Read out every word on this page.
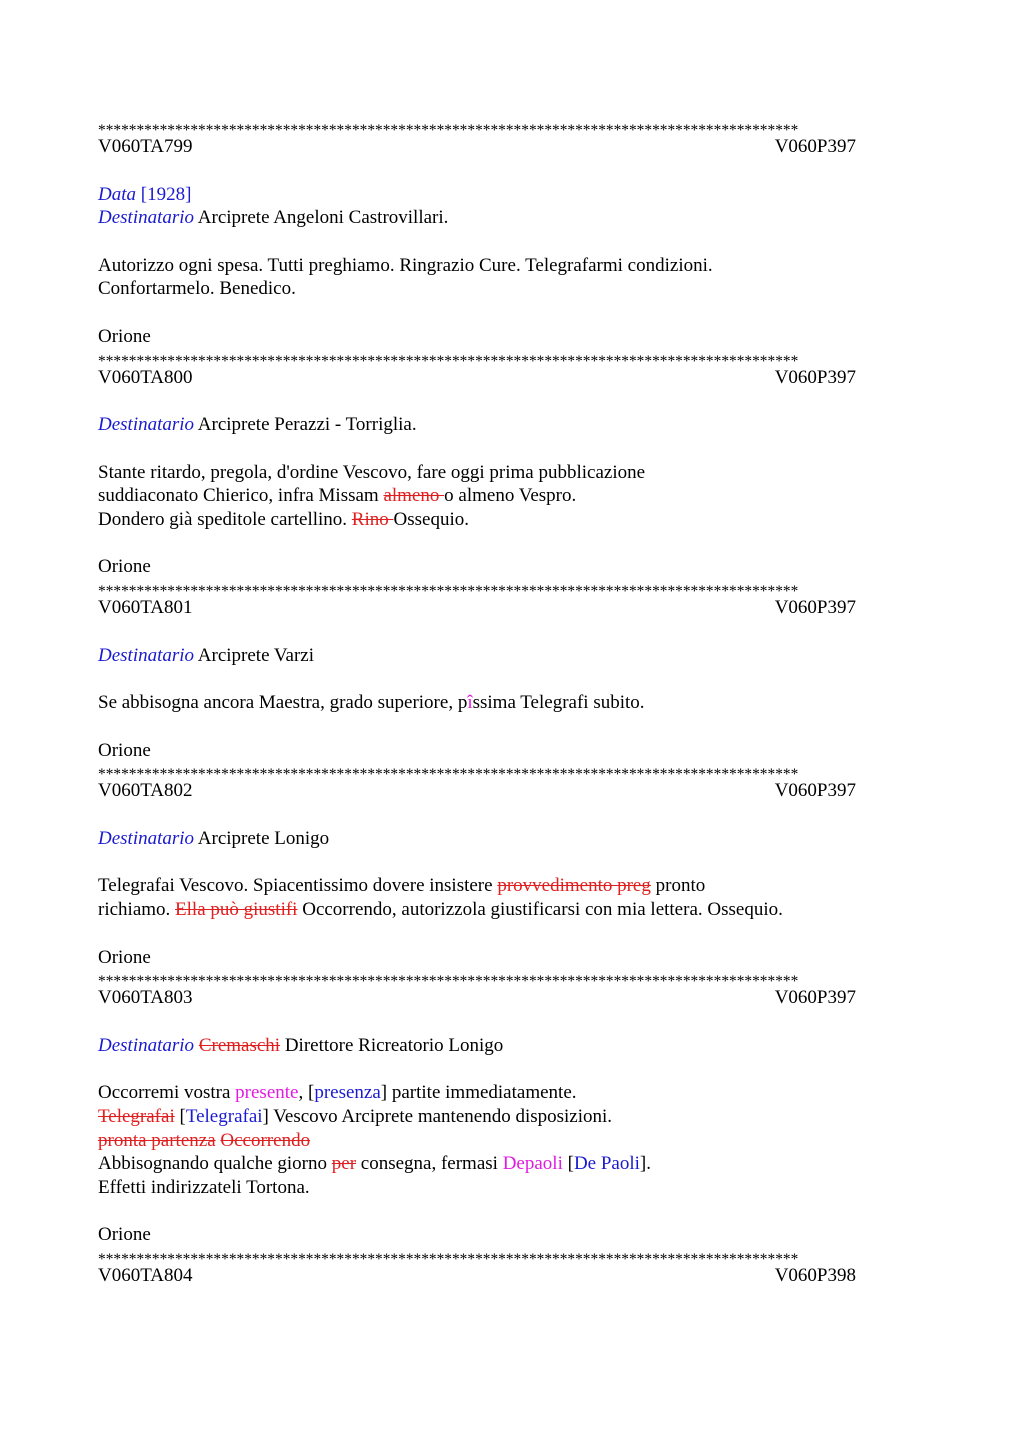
*******************************************************************************************
V060TA799	V060P397
Data [1928]
Destinatario Arciprete Angeloni Castrovillari.
Autorizzo ogni spesa. Tutti preghiamo. Ringrazio Cure. Telegrafarmi condizioni.
Confortarmelo. Benedico.
Orione
*******************************************************************************************
V060TA800	V060P397
Destinatario Arciprete Perazzi - Torriglia.
Stante ritardo, pregola, d'ordine Vescovo, fare oggi prima pubblicazione
suddiaconato Chierico, infra Missam almeno o almeno Vespro.
Dondero già speditole cartellino. Rino Ossequio.
Orione
*******************************************************************************************
V060TA801	V060P397
Destinatario Arciprete Varzi
Se abbisogna ancora Maestra, grado superiore, pîssima Telegrafi subito.
Orione
*******************************************************************************************
V060TA802	V060P397
Destinatario Arciprete Lonigo
Telegrafai Vescovo. Spiacentissimo dovere insistere provvedimento preg pronto
richiamo. Ella può giustifi Occorrendo, autorizzola giustificarsi con mia lettera. Ossequio.
Orione
*******************************************************************************************
V060TA803	V060P397
Destinatario Cremaschi Direttore Ricreatorio Lonigo
Occorremi vostra presente, [presenza] partite immediatamente.
Telegrafai [Telegrafai] Vescovo Arciprete mantenendo disposizioni.
pronta partenza Occorrendo
Abbisognando qualche giorno per consegna, fermasi Depaoli [De Paoli].
Effetti indirizzateli Tortona.
Orione
*******************************************************************************************
V060TA804	V060P398
